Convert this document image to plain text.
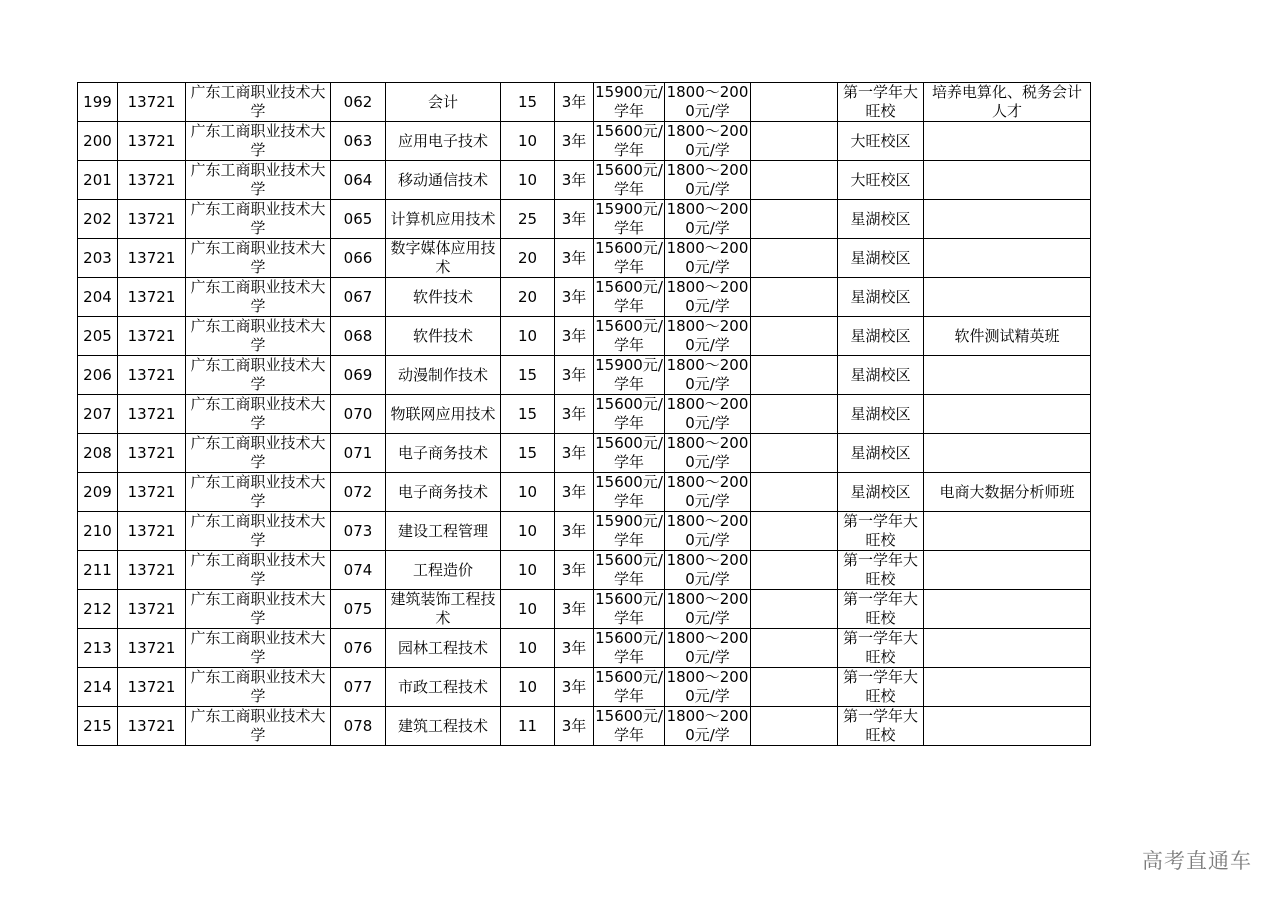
199	13721	广东工商职业技术大学	062	会计	15	3年	15900元/学年	1800～2000元/学		第一学年大旺校	培养电算化、税务会计人才
200	13721	广东工商职业技术大学	063	应用电子技术	10	3年	15600元/学年	1800～2000元/学		大旺校区	
201	13721	广东工商职业技术大学	064	移动通信技术	10	3年	15600元/学年	1800～2000元/学		大旺校区	
202	13721	广东工商职业技术大学	065	计算机应用技术	25	3年	15900元/学年	1800～2000元/学		星湖校区	
203	13721	广东工商职业技术大学	066	数字媒体应用技术	20	3年	15600元/学年	1800～2000元/学		星湖校区	
204	13721	广东工商职业技术大学	067	软件技术	20	3年	15600元/学年	1800～2000元/学		星湖校区	
205	13721	广东工商职业技术大学	068	软件技术	10	3年	15600元/学年	1800～2000元/学		星湖校区	软件测试精英班
206	13721	广东工商职业技术大学	069	动漫制作技术	15	3年	15900元/学年	1800～2000元/学		星湖校区	
207	13721	广东工商职业技术大学	070	物联网应用技术	15	3年	15600元/学年	1800～2000元/学		星湖校区	
208	13721	广东工商职业技术大学	071	电子商务技术	15	3年	15600元/学年	1800～2000元/学		星湖校区	
209	13721	广东工商职业技术大学	072	电子商务技术	10	3年	15600元/学年	1800～2000元/学		星湖校区	电商大数据分析师班
210	13721	广东工商职业技术大学	073	建设工程管理	10	3年	15900元/学年	1800～2000元/学		第一学年大旺校	
211	13721	广东工商职业技术大学	074	工程造价	10	3年	15600元/学年	1800～2000元/学		第一学年大旺校	
212	13721	广东工商职业技术大学	075	建筑装饰工程技术	10	3年	15600元/学年	1800～2000元/学		第一学年大旺校	
213	13721	广东工商职业技术大学	076	园林工程技术	10	3年	15600元/学年	1800～2000元/学		第一学年大旺校	
214	13721	广东工商职业技术大学	077	市政工程技术	10	3年	15600元/学年	1800～2000元/学		第一学年大旺校	
215	13721	广东工商职业技术大学	078	建筑工程技术	11	3年	15600元/学年	1800～2000元/学		第一学年大旺校	
高考直通车
